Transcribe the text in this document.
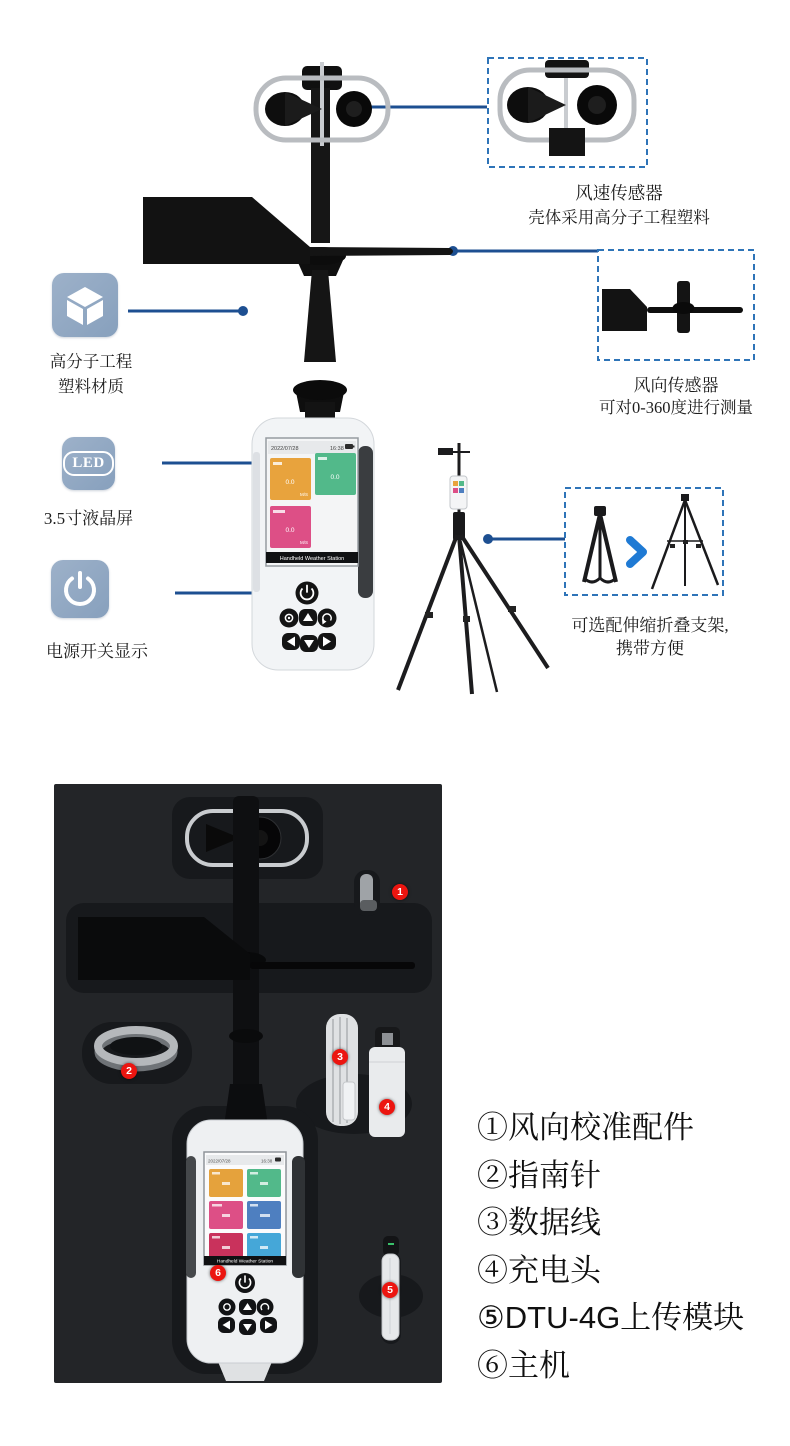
2022/07/28	16:38
0.0
M/S
0.0
0.0
M/S
Handheld Weather Station
LED
风速传感器
壳体采用高分子工程塑料
风向传感器
可对0-360度进行测量
高分子工程
塑料材质
3.5寸液晶屏
电源开关显示
可选配伸缩折叠支架,
携带方便
2022/07/28	16:38
Handheld Weather Station
1
2
3
4
5
6
①风向校准配件
②指南针
③数据线
④充电头
⑤DTU-4G上传模块
⑥主机
